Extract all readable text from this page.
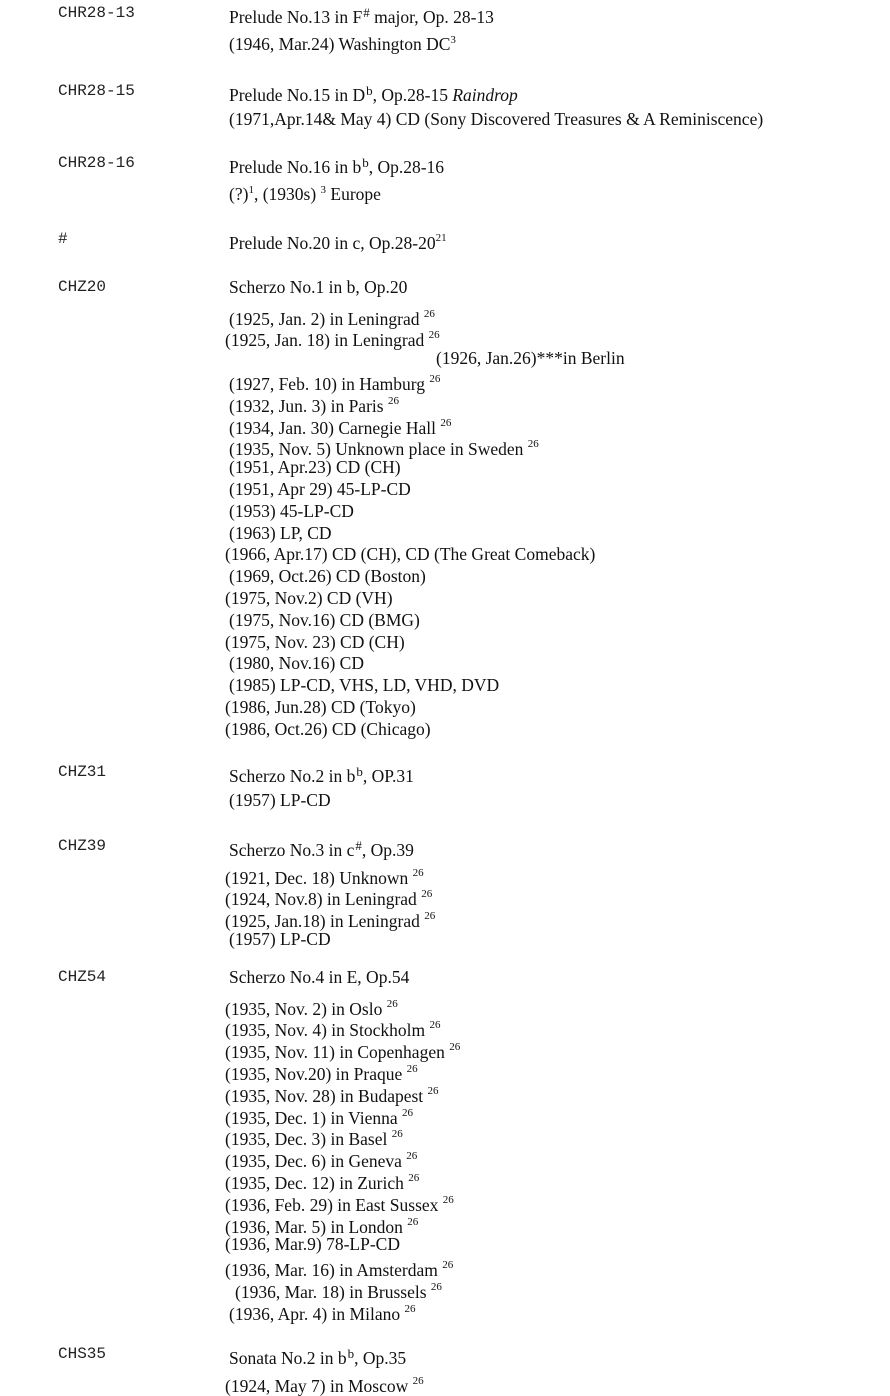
CHR28-13	Prelude No.13 in F# major, Op. 28-13
(1946, Mar.24) Washington $DC^3$
CHR28-15	Prelude No.15 in $D^b$, Op.28-15 Raindrop
(1971,Apr.14& May 4) CD (Sony Discovered Treasures & A Reminiscence)
CHR28-16	Prelude No.16 in $b^b$, Op.28-16
(?)$^1$, (1930s) $^3$ Europe
#	Prelude No.20 in c, $Op.28-20^{21}$
CHZ20	Scherzo No.1 in b, Op.20
(1925, Jan. 2) in Leningrad $^{26}$
(1925, Jan. 18) in Leningrad $^{26}$
(1926, Jan.26)***in Berlin
(1927, Feb. 10) in Hamburg $^{26}$
(1932, Jun. 3) in Paris $^{26}$
(1934, Jan. 30) Carnegie Hall $^{26}$
(1935, Nov. 5) Unknown place in Sweden $^{26}$
(1951, Apr.23) CD (CH)
(1951, Apr 29) 45-LP-CD
(1953) 45-LP-CD
(1963) LP, CD
(1966, Apr.17) CD (CH), CD (The Great Comeback)
(1969, Oct.26) CD (Boston)
(1975, Nov.2) CD (VH)
(1975, Nov.16) CD (BMG)
(1975, Nov. 23) CD (CH)
(1980, Nov.16) CD
(1985) LP-CD, VHS, LD, VHD, DVD
(1986, Jun.28) CD (Tokyo)
(1986, Oct.26) CD (Chicago)
CHZ31	Scherzo No.2 in $b^b$, OP.31
(1957) LP-CD
CHZ39	Scherzo No.3 in c#, Op.39
(1921, Dec. 18) Unknown $^{26}$
(1924, Nov.8) in Leningrad $^{26}$
(1925, Jan.18) in Leningrad $^{26}$
(1957) LP-CD
CHZ54	Scherzo No.4 in E, Op.54
(1935, Nov. 2) in Oslo $^{26}$
(1935, Nov. 4) in Stockholm $^{26}$
(1935, Nov. 11) in Copenhagen $^{26}$
(1935, Nov.20) in Praque $^{26}$
(1935, Nov. 28) in Budapest $^{26}$
(1935, Dec. 1) in Vienna $^{26}$
(1935, Dec. 3) in Basel $^{26}$
(1935, Dec. 6) in Geneva $^{26}$
(1935, Dec. 12) in Zurich $^{26}$
(1936, Feb. 29) in East Sussex $^{26}$
(1936, Mar. 5) in London $^{26}$
(1936, Mar.9) 78-LP-CD
(1936, Mar. 16) in Amsterdam $^{26}$
(1936, Mar. 18) in Brussels $^{26}$
(1936, Apr. 4) in Milano $^{26}$
CHS35	Sonata No.2 in $b^b$, Op.35
(1924, May 7) in Moscow $^{26}$
